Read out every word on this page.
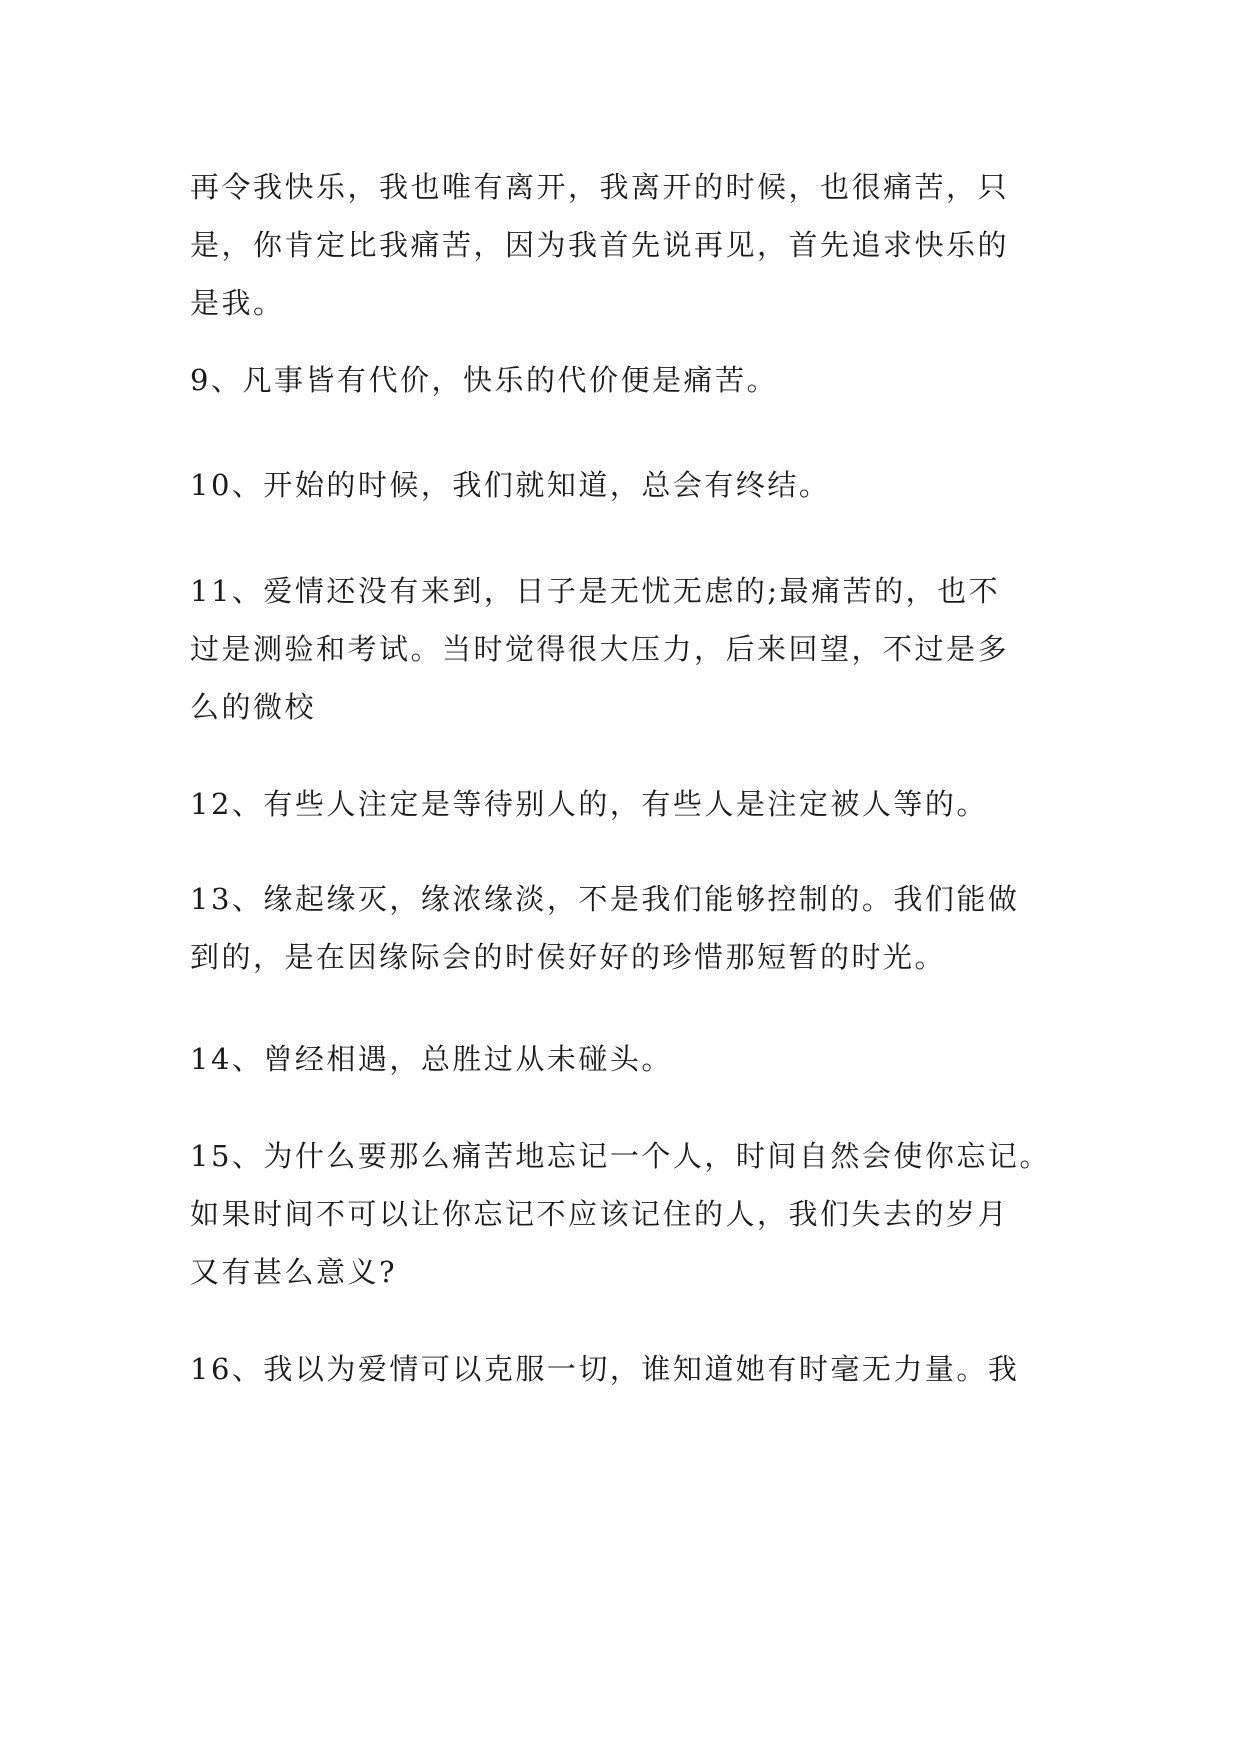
再令我快乐，我也唯有离开，我离开的时候，也很痛苦，只
是，你肯定比我痛苦，因为我首先说再见，首先追求快乐的
是我。

9、凡事皆有代价，快乐的代价便是痛苦。

10、开始的时候，我们就知道，总会有终结。

11、爱情还没有来到，日子是无忧无虑的;最痛苦的，也不
过是测验和考试。当时觉得很大压力，后来回望，不过是多
么的微校

12、有些人注定是等待别人的，有些人是注定被人等的。

13、缘起缘灭，缘浓缘淡，不是我们能够控制的。我们能做
到的，是在因缘际会的时侯好好的珍惜那短暂的时光。

14、曾经相遇，总胜过从未碰头。

15、为什么要那么痛苦地忘记一个人，时间自然会使你忘记。
如果时间不可以让你忘记不应该记住的人，我们失去的岁月
又有甚么意义?

16、我以为爱情可以克服一切，谁知道她有时毫无力量。我
